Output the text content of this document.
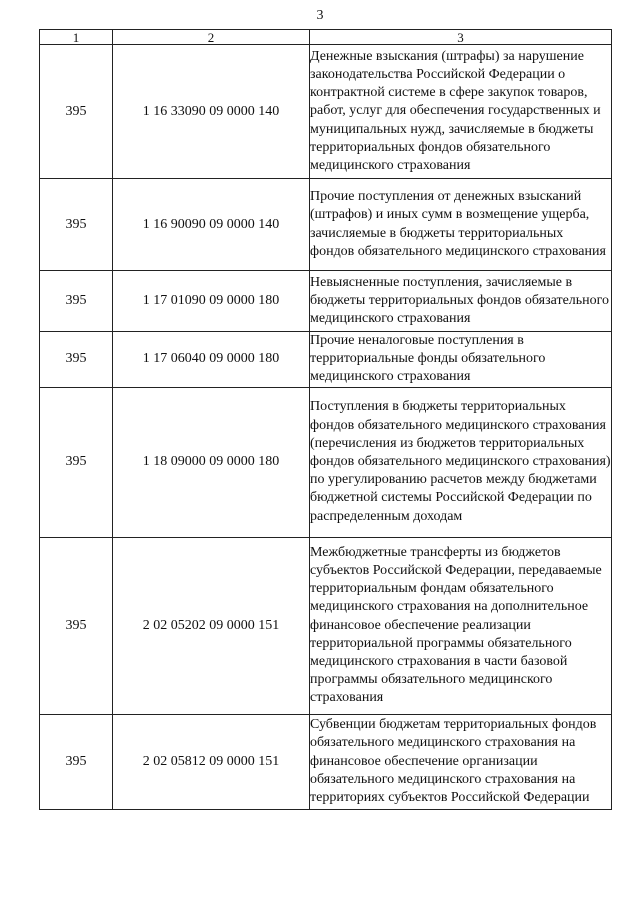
3
1	2	3
395	1 16 33090 09 0000 140	Денежные взыскания (штрафы) за нарушение законодательства Российской Федерации о контрактной системе в сфере закупок товаров, работ, услуг для обеспечения государственных и муниципальных нужд, зачисляемые в бюджеты территориальных фондов обязательного медицинского страхования
395	1 16 90090 09 0000 140	Прочие поступления от денежных взысканий (штрафов) и иных сумм в возмещение ущерба, зачисляемые в бюджеты территориальных фондов обязательного медицинского страхования
395	1 17 01090 09 0000 180	Невыясненные поступления, зачисляемые в бюджеты территориальных фондов обязательного медицинского страхования
395	1 17 06040 09 0000 180	Прочие неналоговые поступления в территориальные фонды обязательного медицинского страхования
395	1 18 09000 09 0000 180	Поступления в бюджеты территориальных фондов обязательного медицинского страхования (перечисления из бюджетов территориальных фондов обязательного медицинского страхования) по урегулированию расчетов между бюджетами бюджетной системы Российской Федерации по распределенным доходам
395	2 02 05202 09 0000 151	Межбюджетные трансферты из бюджетов субъектов Российской Федерации, передаваемые территориальным фондам обязательного медицинского страхования на дополнительное финансовое обеспечение реализации территориальной программы обязательного медицинского страхования в части базовой программы обязательного медицинского страхования
395	2 02 05812 09 0000 151	Субвенции бюджетам территориальных фондов обязательного медицинского страхования на финансовое обеспечение организации обязательного медицинского страхования на территориях субъектов Российской Федерации
